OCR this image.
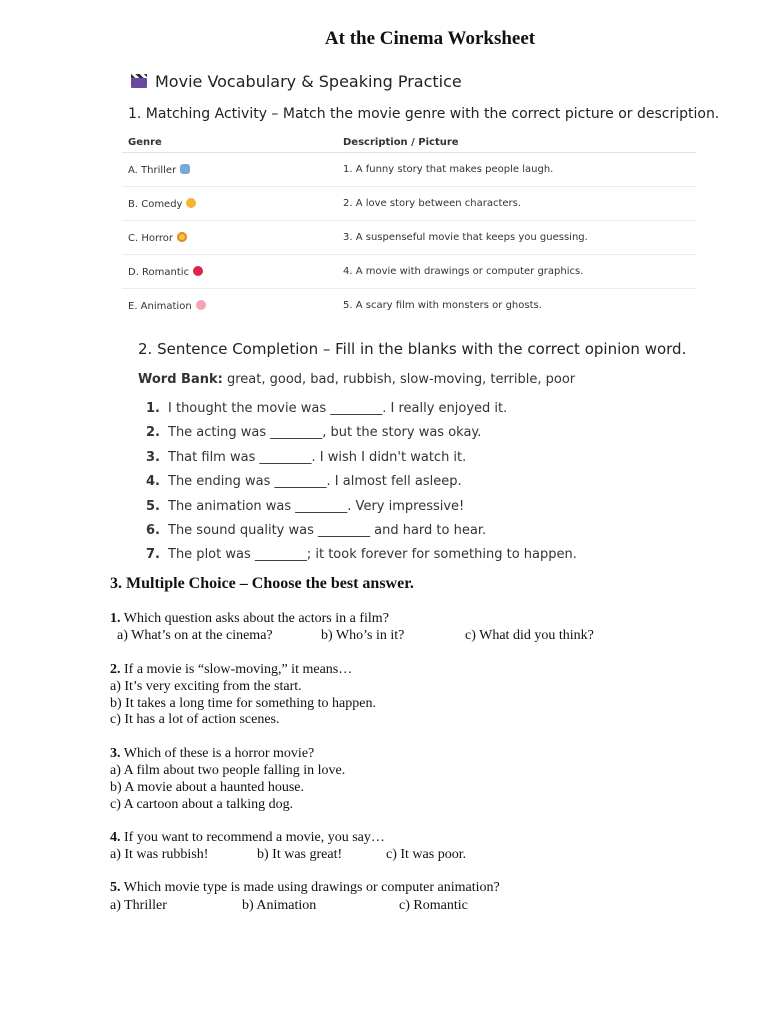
At the Cinema Worksheet
Movie Vocabulary & Speaking Practice
1. Matching Activity – Match the movie genre with the correct picture or description.
Genre	Description / Picture
A. Thriller	1. A funny story that makes people laugh.
B. Comedy	2. A love story between characters.
C. Horror	3. A suspenseful movie that keeps you guessing.
D. Romantic	4. A movie with drawings or computer graphics.
E. Animation	5. A scary film with monsters or ghosts.
2. Sentence Completion – Fill in the blanks with the correct opinion word.
Word Bank: great, good, bad, rubbish, slow-moving, terrible, poor
1. I thought the movie was ________. I really enjoyed it.
2. The acting was ________, but the story was okay.
3. That film was ________. I wish I didn't watch it.
4. The ending was ________. I almost fell asleep.
5. The animation was ________. Very impressive!
6. The sound quality was ________ and hard to hear.
7. The plot was ________; it took forever for something to happen.
3. Multiple Choice – Choose the best answer.
1. Which question asks about the actors in a film?
a) What’s on at the cinema?	b) Who’s in it?	c) What did you think?
2. If a movie is “slow-moving,” it means…
a) It’s very exciting from the start.
b) It takes a long time for something to happen.
c) It has a lot of action scenes.
3. Which of these is a horror movie?
a) A film about two people falling in love.
b) A movie about a haunted house.
c) A cartoon about a talking dog.
4. If you want to recommend a movie, you say…
a) It was rubbish!	b) It was great!	c) It was poor.
5. Which movie type is made using drawings or computer animation?
a) Thriller	b) Animation	c) Romantic
